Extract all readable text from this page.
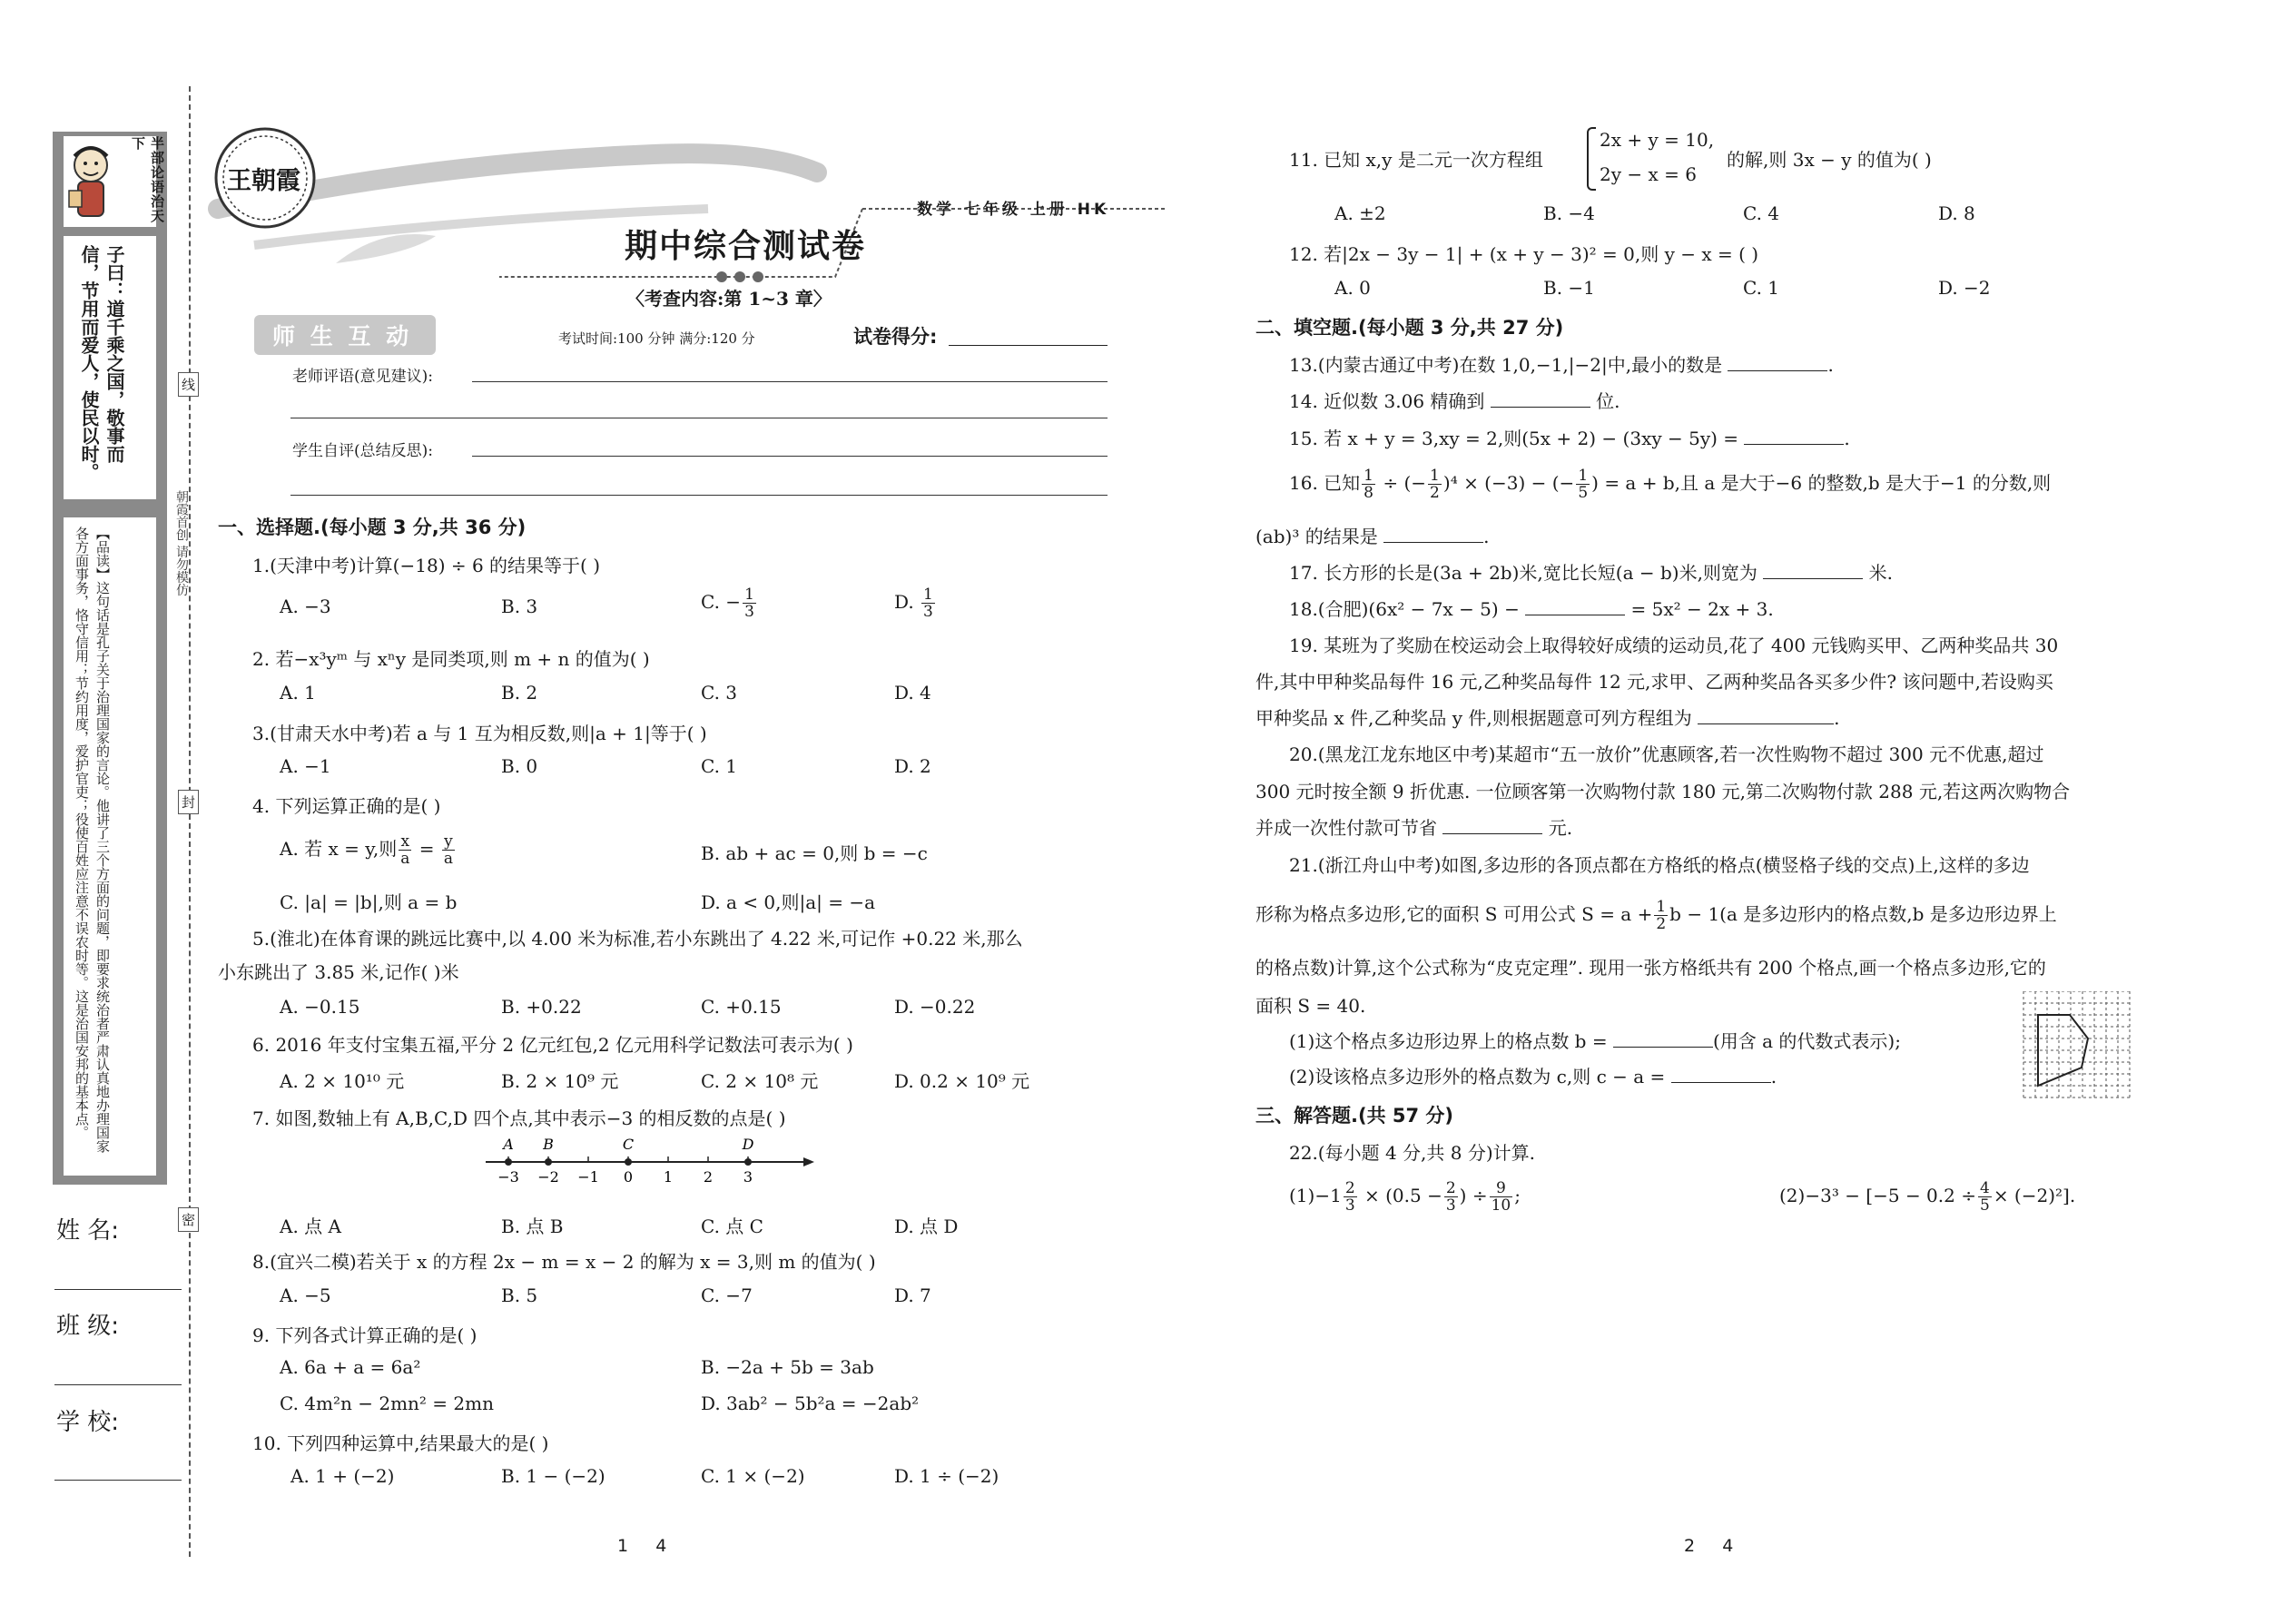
半部论语治天下
子曰：道千乘之国，敬事而信，节用而爱人，使民以时。
【品读】这句话是孔子关于治理国家的言论。他讲了三个方面的问题，即要求统治者严肃认真地办理国家各方面事务，恪守信用；节约用度，爱护官吏；役使百姓应注意不误农时等。这是治国安邦的基本点。	朝霞首创 请勿模仿
线
封
密
姓 名:
班 级:
学 校:
王朝霞
数学 七年级 上册 HK
期中综合测试卷
〈考查内容:第 1~3 章〉
师 生 互 动	考试时间:100 分钟 满分:120 分	试卷得分:
老师评语(意见建议):
学生自评(总结反思):
一、选择题.(每小题 3 分,共 36 分)
1.(天津中考)计算(−18) ÷ 6 的结果等于( )
A. −3	B. 3	C. − $\frac{1}{3}$	D. $\frac{1}{3}$
2. 若−x³yᵐ 与 xⁿy 是同类项,则 m + n 的值为( )
A. 1	B. 2	C. 3	D. 4
3.(甘肃天水中考)若 a 与 1 互为相反数,则|a + 1|等于( )
A. −1	B. 0	C. 1	D. 2
4. 下列运算正确的是( )
A. 若 x = y,则 $\frac{x}{a} = \frac{y}{a}$	B. ab + ac = 0,则 b = −c
C. |a| = |b|,则 a = b	D. a < 0,则|a| = −a
5.(淮北)在体育课的跳远比赛中,以 4.00 米为标准,若小东跳出了 4.22 米,可记作 +0.22 米,那么
小东跳出了 3.85 米,记作( )米
A. −0.15	B. +0.22	C. +0.15	D. −0.22
6. 2016 年支付宝集五福,平分 2 亿元红包,2 亿元用科学记数法可表示为( )
A. 2 × 10¹⁰ 元	B. 2 × 10⁹ 元	C. 2 × 10⁸ 元	D. 0.2 × 10⁹ 元
7. 如图,数轴上有 A,B,C,D 四个点,其中表示−3 的相反数的点是( )
−3 −2 −1 0 1 2 3
A B	C	D
A. 点 A	B. 点 B	C. 点 C	D. 点 D
8.(宜兴二模)若关于 x 的方程 2x − m = x − 2 的解为 x = 3,则 m 的值为( )
A. −5	B. 5	C. −7	D. 7
9. 下列各式计算正确的是( )
A. 6a + a = 6a²	B. −2a + 5b = 3ab
C. 4m²n − 2mn² = 2mn	D. 3ab² − 5b²a = −2ab²
10. 下列四种运算中,结果最大的是( )
A. 1 + (−2)	B. 1 − (−2)	C. 1 × (−2)	D. 1 ÷ (−2)
1     4
11. 已知 x,y 是二元一次方程组
2x + y = 10,
2y − x = 6
的解,则 3x − y 的值为( )
A. ±2	B. −4	C. 4	D. 8
12. 若|2x − 3y − 1| + (x + y − 3)² = 0,则 y − x = ( )
A. 0	B. −1	C. 1	D. −2
二、填空题.(每小题 3 分,共 27 分)
13.(内蒙古通辽中考)在数 1,0,−1,|−2|中,最小的数是	.
14. 近似数 3.06 精确到	位.
15. 若 x + y = 3,xy = 2,则(5x + 2) − (3xy − 5y) =	.
16. 已知 $\frac{1}{8}$ ÷ (− $\frac{1}{2} )^4 \times (-3)$ − (− $\frac{1}{5}$ ) = a + b,且 a 是大于−6 的整数,b 是大于−1 的分数,则
(ab)³ 的结果是	.
17. 长方形的长是(3a + 2b)米,宽比长短(a − b)米,则宽为	米.
18.(合肥)(6x² − 7x − 5) −	= 5x² − 2x + 3.
19. 某班为了奖励在校运动会上取得较好成绩的运动员,花了 400 元钱购买甲、乙两种奖品共 30
件,其中甲种奖品每件 16 元,乙种奖品每件 12 元,求甲、乙两种奖品各买多少件? 该问题中,若设购买
甲种奖品 x 件,乙种奖品 y 件,则根据题意可列方程组为	.
20.(黑龙江龙东地区中考)某超市“五一放价”优惠顾客,若一次性购物不超过 300 元不优惠,超过
300 元时按全额 9 折优惠. 一位顾客第一次购物付款 180 元,第二次购物付款 288 元,若这两次购物合
并成一次性付款可节省	元.
21.(浙江舟山中考)如图,多边形的各顶点都在方格纸的格点(横竖格子线的交点)上,这样的多边
形称为格点多边形,它的面积 S 可用公式 $S = a + \frac{1}{2}$ b − 1(a 是多边形内的格点数,b 是多边形边界上
的格点数)计算,这个公式称为“皮克定理”. 现用一张方格纸共有 200 个格点,画一个格点多边形,它的
面积 S = 40.
(1)这个格点多边形边界上的格点数 b =	(用含 a 的代数式表示);
(2)设该格点多边形外的格点数为 c,则 c − a =	.
三、解答题.(共 57 分)
22.(每小题 4 分,共 8 分)计算.
$(1)-1 \frac{2}{3} \times (0.5 - \frac{2}{3}$ ) ÷ $\frac{9}{10}$ ;	$(2)-3^3 - [-5 - 0.2 \div \frac{4}{5} \times (-2)^2]$.
2     4
